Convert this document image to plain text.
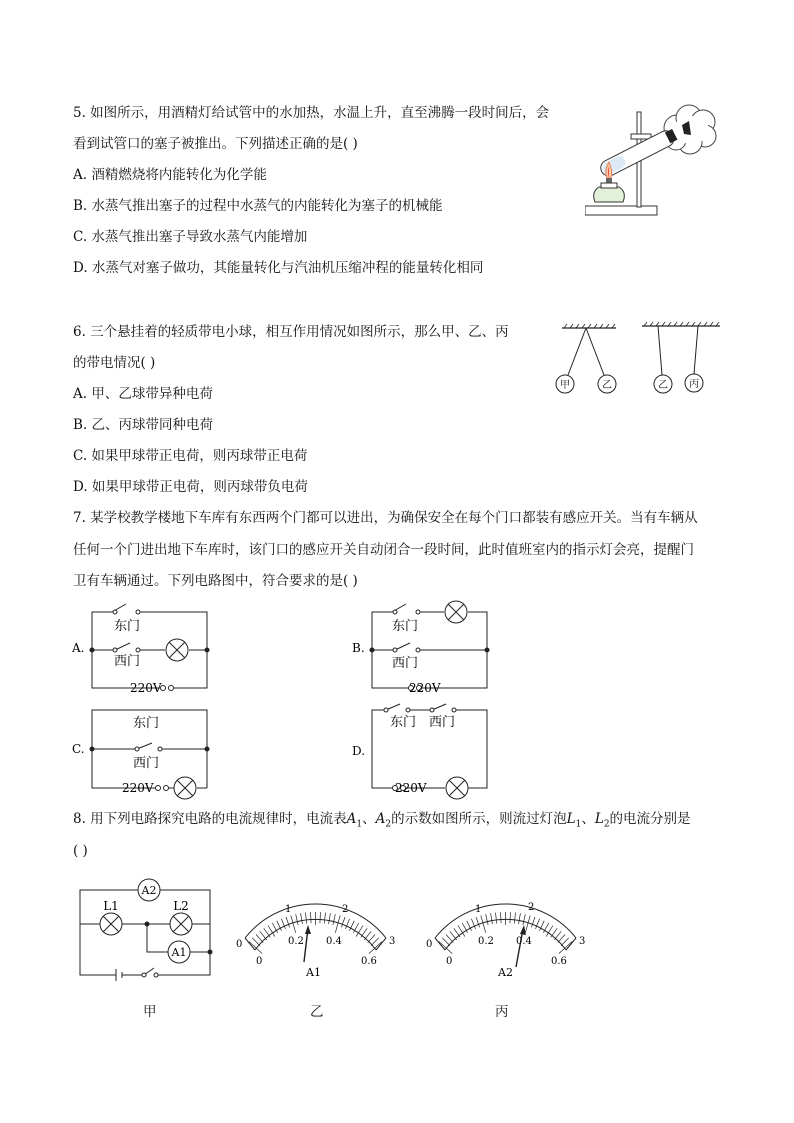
5. 如图所示，用酒精灯给试管中的水加热，水温上升，直至沸腾一段时间后，会
看到试管口的塞子被推出。下列描述正确的是( )
A. 酒精燃烧将内能转化为化学能
B. 水蒸气推出塞子的过程中水蒸气的内能转化为塞子的机械能
C. 水蒸气推出塞子导致水蒸气内能增加
D. 水蒸气对塞子做功，其能量转化与汽油机压缩冲程的能量转化相同
6. 三个悬挂着的轻质带电小球，相互作用情况如图所示，那么甲、乙、丙
的带电情况( )
A. 甲、乙球带异种电荷
B. 乙、丙球带同种电荷
C. 如果甲球带正电荷，则丙球带正电荷
D. 如果甲球带正电荷，则丙球带负电荷
甲	乙	乙 丙
7. 某学校教学楼地下车库有东西两个门都可以进出，为确保安全在每个门口都装有感应开关。当有车辆从
任何一个门进出地下车库时，该门口的感应开关自动闭合一段时间，此时值班室内的指示灯会亮，提醒门
卫有车辆通过。下列电路图中，符合要求的是( )
A.
东门
西门
220V
B.
东门
西门
220V
C.
东门
西门
220V
D.
东门 西门
220V
8. 用下列电路探究电路的电流规律时，电流表$A_1$、$A_2$的示数如图所示，则流过灯泡$L_1$、$L_2$的电流分别是
( )
A2
L1	L2
A1
0
1	2
3
0
0.2 0.4
0.6
A1
0
1	2
3
0
0.2 0.4
0.6
A2
甲	乙	丙
